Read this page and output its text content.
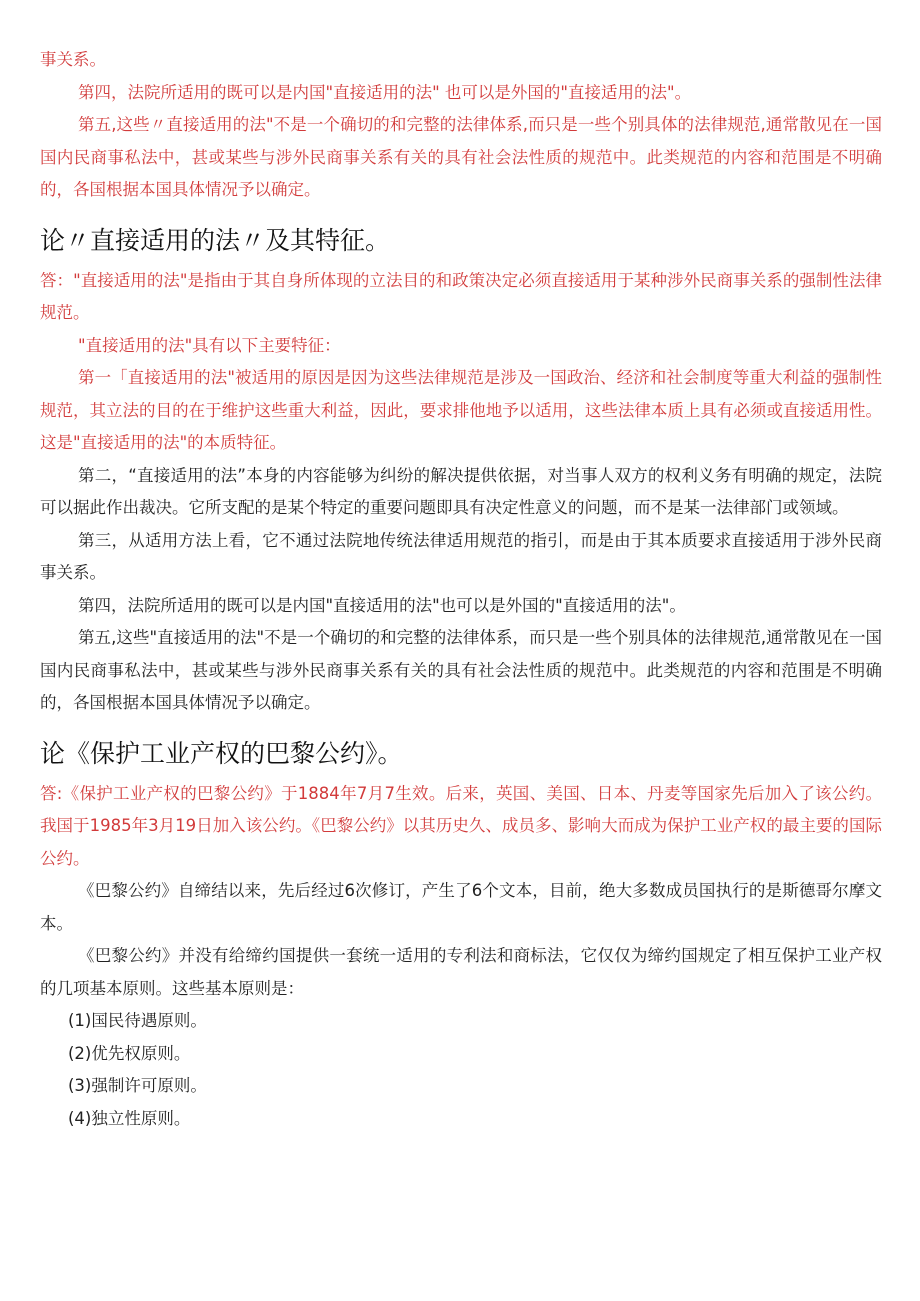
事关系。

第四，法院所适用的既可以是内国"直接适用的法" 也可以是外国的"直接适用的法"。

第五,这些〃直接适用的法"不是一个确切的和完整的法律体系,而只是一些个别具体的法律规范,通常散见在一国国内民商事私法中，甚或某些与涉外民商事关系有关的具有社会法性质的规范中。此类规范的内容和范围是不明确的，各国根据本国具体情况予以确定。

论〃直接适用的法〃及其特征。

答："直接适用的法"是指由于其自身所体现的立法目的和政策决定必须直接适用于某种涉外民商事关系的强制性法律规范。

"直接适用的法"具有以下主要特征：

第一「直接适用的法"被适用的原因是因为这些法律规范是涉及一国政治、经济和社会制度等重大利益的强制性规范，其立法的目的在于维护这些重大利益，因此，要求排他地予以适用，这些法律本质上具有必须或直接适用性。这是"直接适用的法"的本质特征。

第二，“直接适用的法”本身的内容能够为纠纷的解决提供依据，对当事人双方的权利义务有明确的规定，法院可以据此作出裁决。它所支配的是某个特定的重要问题即具有决定性意义的问题，而不是某一法律部门或领域。

第三，从适用方法上看，它不通过法院地传统法律适用规范的指引，而是由于其本质要求直接适用于涉外民商事关系。

第四，法院所适用的既可以是内国"直接适用的法"也可以是外国的"直接适用的法"。

第五,这些"直接适用的法"不是一个确切的和完整的法律体系，而只是一些个别具体的法律规范,通常散见在一国国内民商事私法中，甚或某些与涉外民商事关系有关的具有社会法性质的规范中。此类规范的内容和范围是不明确的，各国根据本国具体情况予以确定。

论《保护工业产权的巴黎公约》。

答:《保护工业产权的巴黎公约》于1884年7月7生效。后来，英国、美国、日本、丹麦等国家先后加入了该公约。我国于1985年3月19日加入该公约。《巴黎公约》以其历史久、成员多、影响大而成为保护工业产权的最主要的国际公约。

《巴黎公约》自缔结以来，先后经过6次修订，产生了6个文本，目前，绝大多数成员国执行的是斯德哥尔摩文本。

《巴黎公约》并没有给缔约国提供一套统一适用的专利法和商标法，它仅仅为缔约国规定了相互保护工业产权的几项基本原则。这些基本原则是：

(1)国民待遇原则。

(2)优先权原则。

(3)强制许可原则。

(4)独立性原则。
